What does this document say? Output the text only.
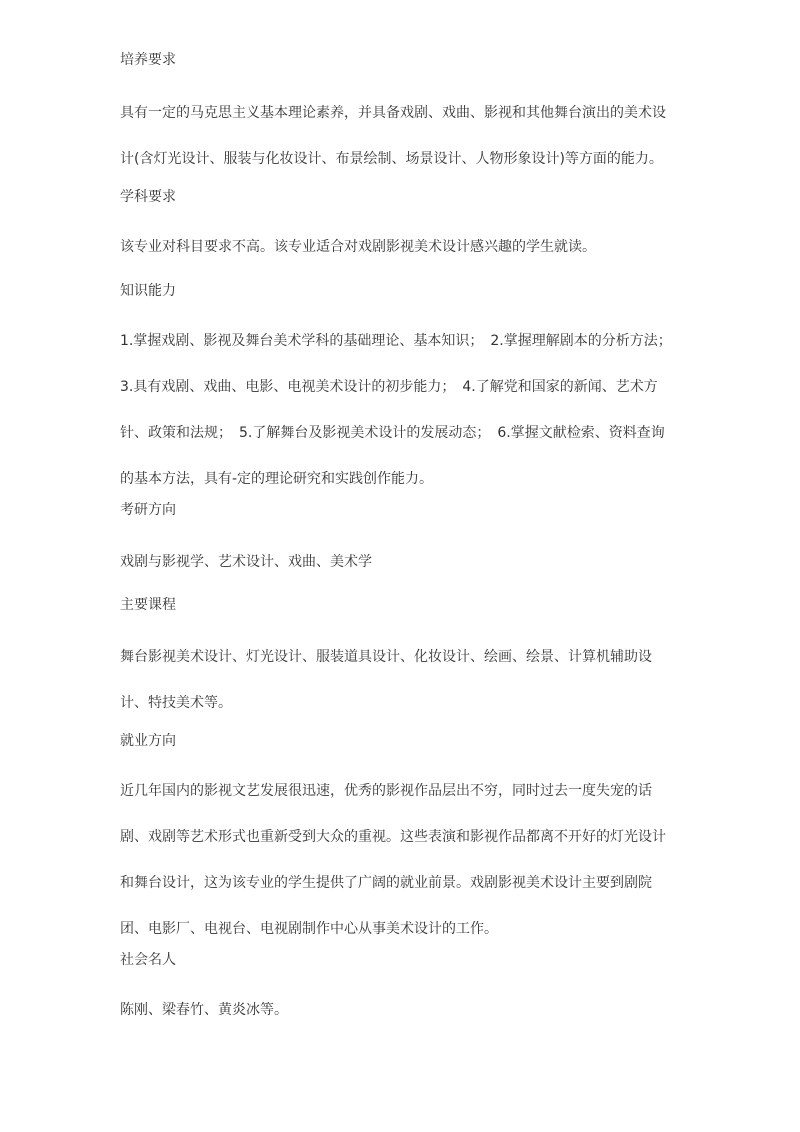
培养要求

具有一定的马克思主义基本理论素养，并具备戏剧、戏曲、影视和其他舞台演出的美术设

计(含灯光设计、服装与化妆设计、布景绘制、场景设计、人物形象设计)等方面的能力。

学科要求

该专业对科目要求不高。该专业适合对戏剧影视美术设计感兴趣的学生就读。

知识能力

1.掌握戏剧、影视及舞台美术学科的基础理论、基本知识；　2.掌握理解剧本的分析方法；

3.具有戏剧、戏曲、电影、电视美术设计的初步能力；　4.了解党和国家的新闻、艺术方

针、政策和法规；　5.了解舞台及影视美术设计的发展动态；　6.掌握文献检索、资料查询

的基本方法，具有-定的理论研究和实践创作能力。

考研方向

戏剧与影视学、艺术设计、戏曲、美术学

主要课程

舞台影视美术设计、灯光设计、服装道具设计、化妆设计、绘画、绘景、计算机辅助设

计、特技美术等。

就业方向

近几年国内的影视文艺发展很迅速，优秀的影视作品层出不穷，同时过去一度失宠的话

剧、戏剧等艺术形式也重新受到大众的重视。这些表演和影视作品都离不开好的灯光设计

和舞台设计，这为该专业的学生提供了广阔的就业前景。戏剧影视美术设计主要到剧院

团、电影厂、电视台、电视剧制作中心从事美术设计的工作。

社会名人

陈刚、梁春竹、黄炎冰等。
